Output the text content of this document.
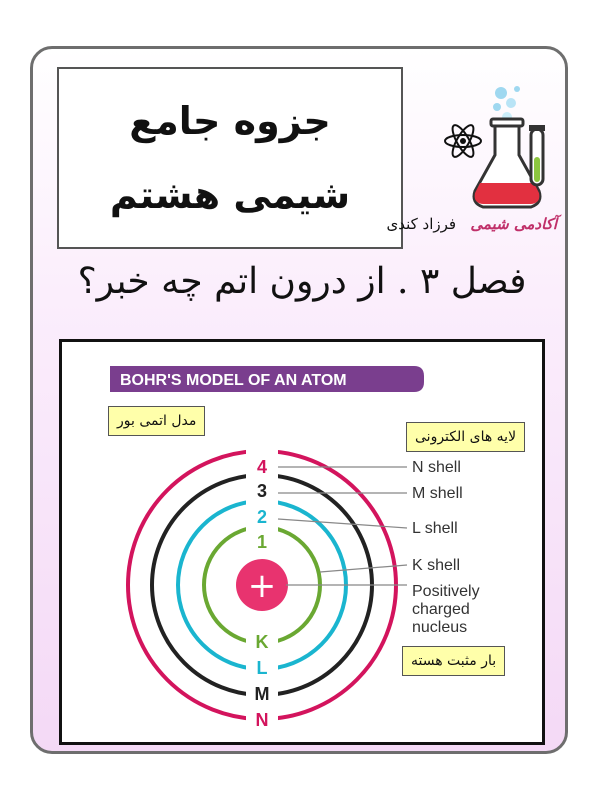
جزوه جامع
شیمی هشتم
آکادمی شیمی   فرزاد کندی
فصل ۳ . از درون اتم چه خبر؟
BOHR'S MODEL OF AN ATOM
+
4
3
2
1
K
L
M
N
N shell
M shell
L shell
K shell
Positively
charged
nucleus
مدل اتمی بور
لایه های الکترونی
بار مثبت هسته
